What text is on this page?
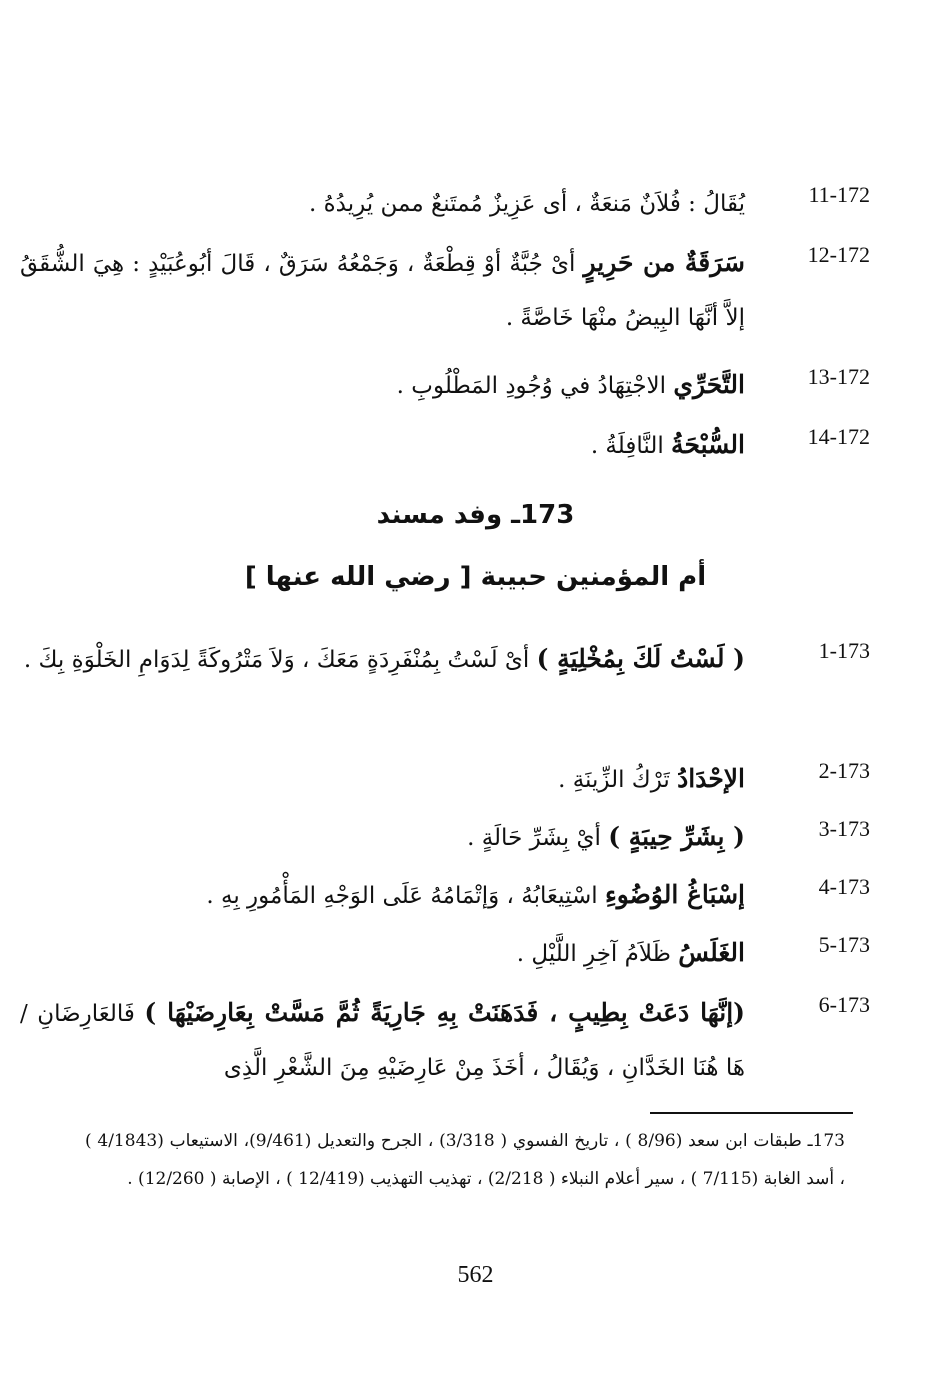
11-172
يُقَالُ : فُلاَنٌ مَنعَةٌ ، أى عَزِيزٌ مُمتَنعٌ ممن يُرِيدُهُ .
12-172
سَرَقَةٌ من حَرِيرٍ أىْ جُبَّةٌ أوْ قِطْعَةٌ ، وَجَمْعُهُ سَرَقٌ ، قَالَ أبُوعُبَيْدٍ : هِيَ الشُّقَقُ إلاَّ أنَّهَا البِيضُ منْهَا خَاصَّةً .
13-172
التَّحَرِّي الاجْتِهَادُ في وُجُودِ المَطْلُوبِ .
14-172
السُّبْحَةُ النَّافِلَةُ .
173ـ وفد مسند
أم المؤمنين حبيبة [ رضي الله عنها ]
1-173
( لَسْتُ لَكَ بِمُخْلِيَةٍ ) أىْ لَسْتُ بِمُنْفَرِدَةٍ مَعَكَ ، وَلاَ مَتْرُوكَةً لِدَوَامِ الخَلْوَةِ بِكَ .
2-173
الإحْدَادُ تَرْكُ الزِّينَةِ .
3-173
( بِشَرِّ حِيبَةٍ ) أيْ بِشَرِّ حَالَةٍ .
4-173
إسْبَاغُ الوُضُوءِ اسْتِيعَابُهُ ، وَإتْمَامُهُ عَلَى الوَجْهِ المَأْمُورِ بِهِ .
5-173
الغَلَسُ ظَلاَمُ آخِرِ اللَّيْلِ .
6-173
(إنَّهَا دَعَتْ بِطِيبٍ ، فَدَهَنَتْ بِهِ جَارِيَةً ثُمَّ مَسَّتْ بِعَارِضَيْهَا ) فَالعَارِضَانِ / هَا هُنَا الخَدَّانِ ، وَيُقَالُ ، أخَذَ مِنْ عَارِضَيْهِ مِنَ الشَّعْرِ الَّذِى
173ـ طبقات ابن سعد (8/96 ) ، تاريخ الفسوي ( 3/318) ، الجرح والتعديل (9/461)، الاستيعاب (4/1843 ) ، أسد الغابة (7/115 ) ، سير أعلام النبلاء ( 2/218) ، تهذيب التهذيب (12/419 ) ، الإصابة ( 12/260) .
562
